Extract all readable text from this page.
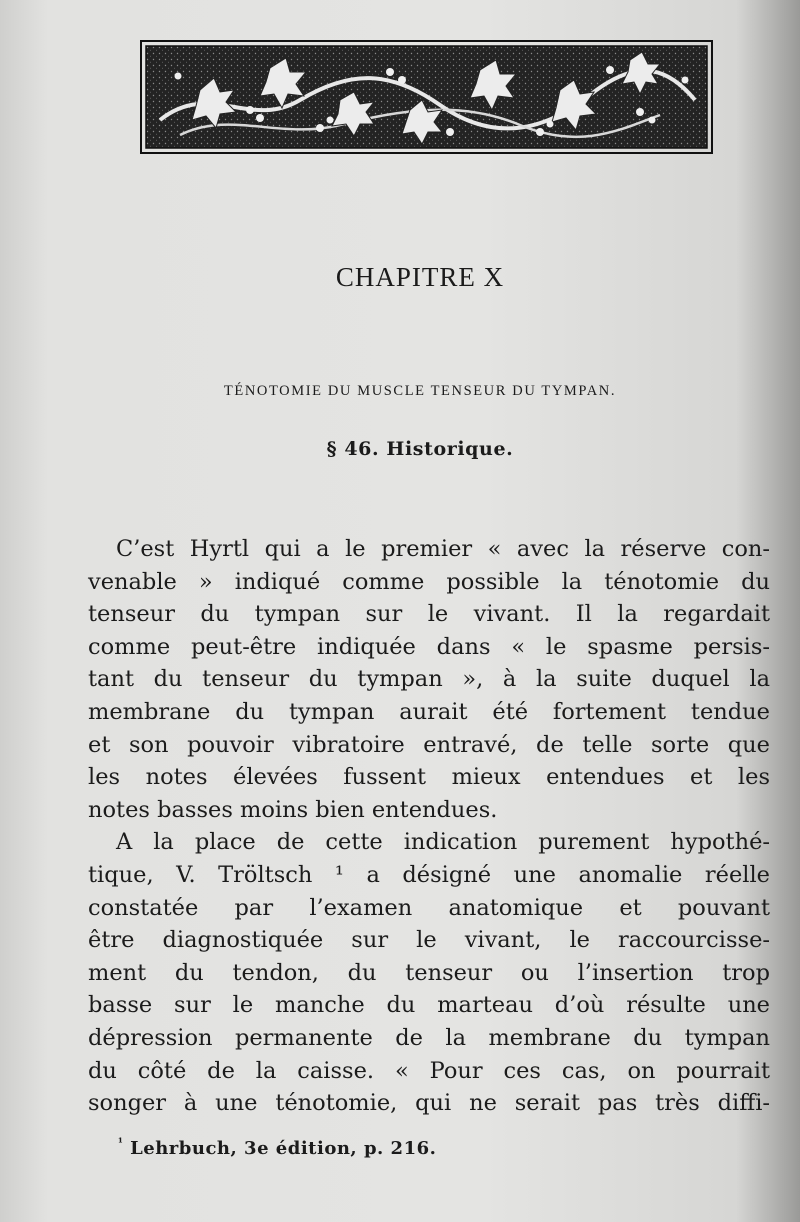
CHAPITRE X
TÉNOTOMIE DU MUSCLE TENSEUR DU TYMPAN.
§ 46. Historique.
C’est Hyrtl qui a le premier « avec la réserve con-
venable » indiqué comme possible la ténotomie du
tenseur du tympan sur le vivant. Il la regardait
comme peut-être indiquée dans « le spasme persis-
tant du tenseur du tympan », à la suite duquel la
membrane du tympan aurait été fortement tendue
et son pouvoir vibratoire entravé, de telle sorte que
les notes élevées fussent mieux entendues et les
notes basses moins bien entendues.
A la place de cette indication purement hypothé-
tique, V. Tröltsch ¹ a désigné une anomalie réelle
constatée par l’examen anatomique et pouvant
être diagnostiquée sur le vivant, le raccourcisse-
ment du tendon, du tenseur ou l’insertion trop
basse sur le manche du marteau d’où résulte une
dépression permanente de la membrane du tympan
du côté de la caisse. « Pour ces cas, on pourrait
songer à une ténotomie, qui ne serait pas très diffi-
$^{^1}$ Lehrbuch, 3e édition, p. 216.
